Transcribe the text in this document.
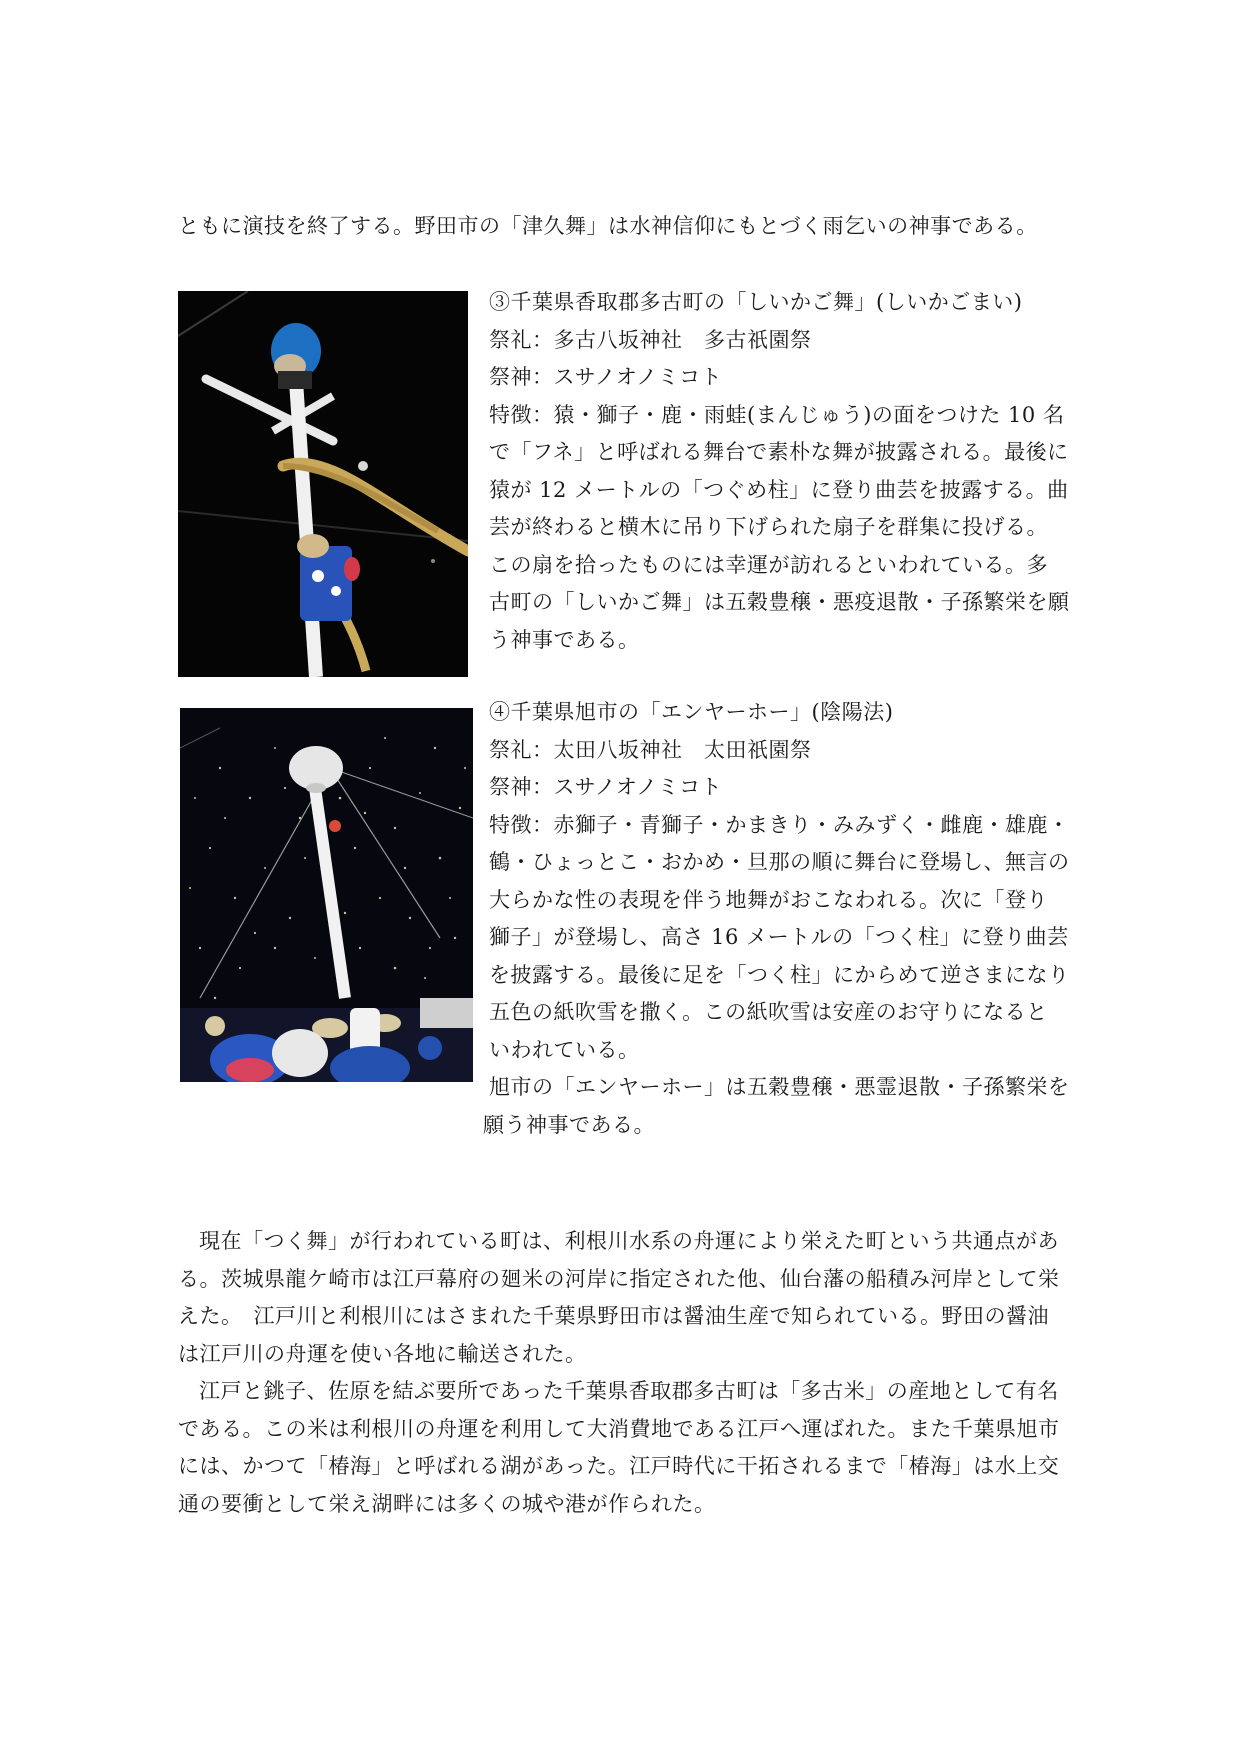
ともに演技を終了する。野田市の「津久舞」は水神信仰にもとづく雨乞いの神事である。
③千葉県香取郡多古町の「しいかご舞」(しいかごまい)
祭礼：多古八坂神社　多古祇園祭
祭神：スサノオノミコト
特徴：猿・獅子・鹿・雨蛙(まんじゅう)の面をつけた 10 名
で「フネ」と呼ばれる舞台で素朴な舞が披露される。最後に
猿が 12 メートルの「つぐめ柱」に登り曲芸を披露する。曲
芸が終わると横木に吊り下げられた扇子を群集に投げる。
この扇を拾ったものには幸運が訪れるといわれている。多
古町の「しいかご舞」は五穀豊穣・悪疫退散・子孫繁栄を願
う神事である。
④千葉県旭市の「エンヤーホー」(陰陽法)
祭礼：太田八坂神社　太田祇園祭
祭神：スサノオノミコト
特徴：赤獅子・青獅子・かまきり・みみずく・雌鹿・雄鹿・
鶴・ひょっとこ・おかめ・旦那の順に舞台に登場し、無言の
大らかな性の表現を伴う地舞がおこなわれる。次に「登り
獅子」が登場し、高さ 16 メートルの「つく柱」に登り曲芸
を披露する。最後に足を「つく柱」にからめて逆さまになり
五色の紙吹雪を撒く。この紙吹雪は安産のお守りになると
いわれている。
旭市の「エンヤーホー」は五穀豊穣・悪霊退散・子孫繁栄を
願う神事である。
現在「つく舞」が行われている町は、利根川水系の舟運により栄えた町という共通点があ
る。茨城県龍ケ崎市は江戸幕府の廻米の河岸に指定された他、仙台藩の船積み河岸として栄
えた。　江戸川と利根川にはさまれた千葉県野田市は醤油生産で知られている。野田の醤油
は江戸川の舟運を使い各地に輸送された。
江戸と銚子、佐原を結ぶ要所であった千葉県香取郡多古町は「多古米」の産地として有名
である。この米は利根川の舟運を利用して大消費地である江戸へ運ばれた。また千葉県旭市
には、かつて「椿海」と呼ばれる湖があった。江戸時代に干拓されるまで「椿海」は水上交
通の要衝として栄え湖畔には多くの城や港が作られた。
